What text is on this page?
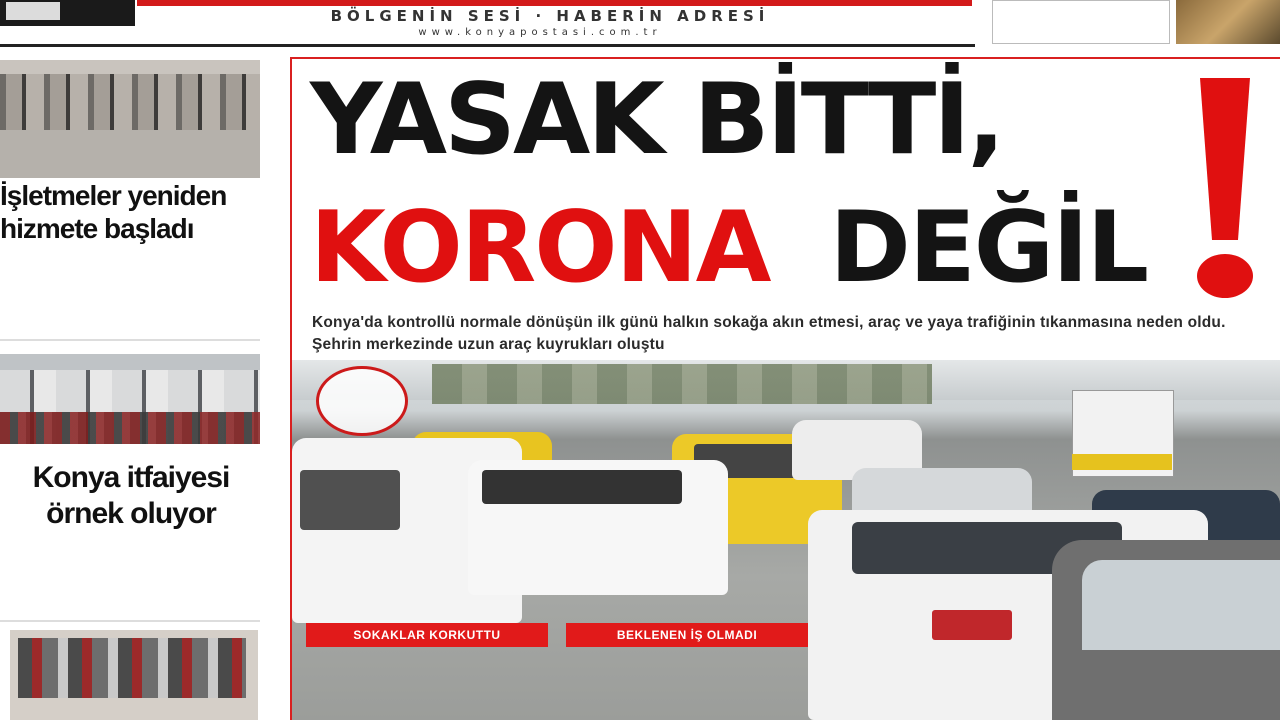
BÖLGENİN SESİ · HABERİN ADRESİ
www.konyapostasi.com.tr
İşletmeler yeniden
hizmete başladı
Konya itfaiyesi
örnek oluyor
YASAK BİTTİ,
KORONA DEĞİL
Konya'da kontrollü normale dönüşün ilk günü halkın sokağa akın etmesi, araç ve yaya trafiğinin tıkanmasına neden oldu. Şehrin merkezinde uzun araç kuyrukları oluştu
SOKAKLAR KORKUTTU	BEKLENEN İŞ OLMADI
